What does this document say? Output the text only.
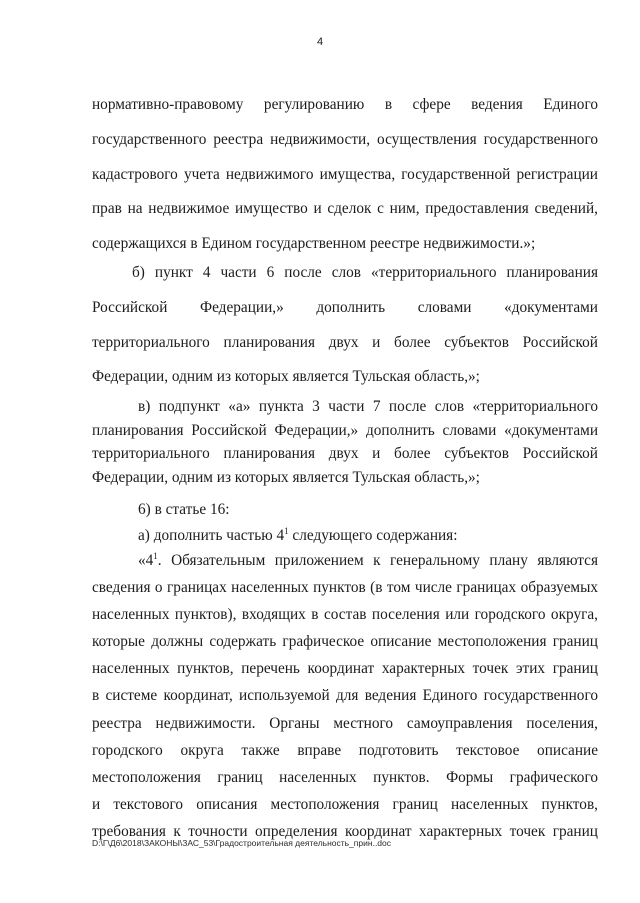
4
нормативно-правовому регулированию в сфере ведения Единого
государственного реестра недвижимости, осуществления государственного
кадастрового учета недвижимого имущества, государственной регистрации
прав на недвижимое имущество и сделок с ним, предоставления сведений,
содержащихся в Едином государственном реестре недвижимости.»;
б) пункт 4 части 6 после слов «территориального планирования
Российской Федерации,» дополнить словами «документами
территориального планирования двух и более субъектов Российской
Федерации, одним из которых является Тульская область,»;
в) подпункт «а» пункта 3 части 7 после слов «территориального
планирования Российской Федерации,» дополнить словами «документами
территориального планирования двух и более субъектов Российской
Федерации, одним из которых является Тульская область,»;
6) в статье 16:
а) дополнить частью $4^1$ следующего содержания:
«$4^1$. Обязательным приложением к генеральному плану являются
сведения о границах населенных пунктов (в том числе границах образуемых
населенных пунктов), входящих в состав поселения или городского округа,
которые должны содержать графическое описание местоположения границ
населенных пунктов, перечень координат характерных точек этих границ
в системе координат, используемой для ведения Единого государственного
реестра недвижимости. Органы местного самоуправления поселения,
городского округа также вправе подготовить текстовое описание
местоположения границ населенных пунктов. Формы графического
и текстового описания местоположения границ населенных пунктов,
требования к точности определения координат характерных точек границ
D:\Г\Д6\2018\ЗАКОНЫ\ЗАС_53\Градостроительная деятельность_прин..doc
